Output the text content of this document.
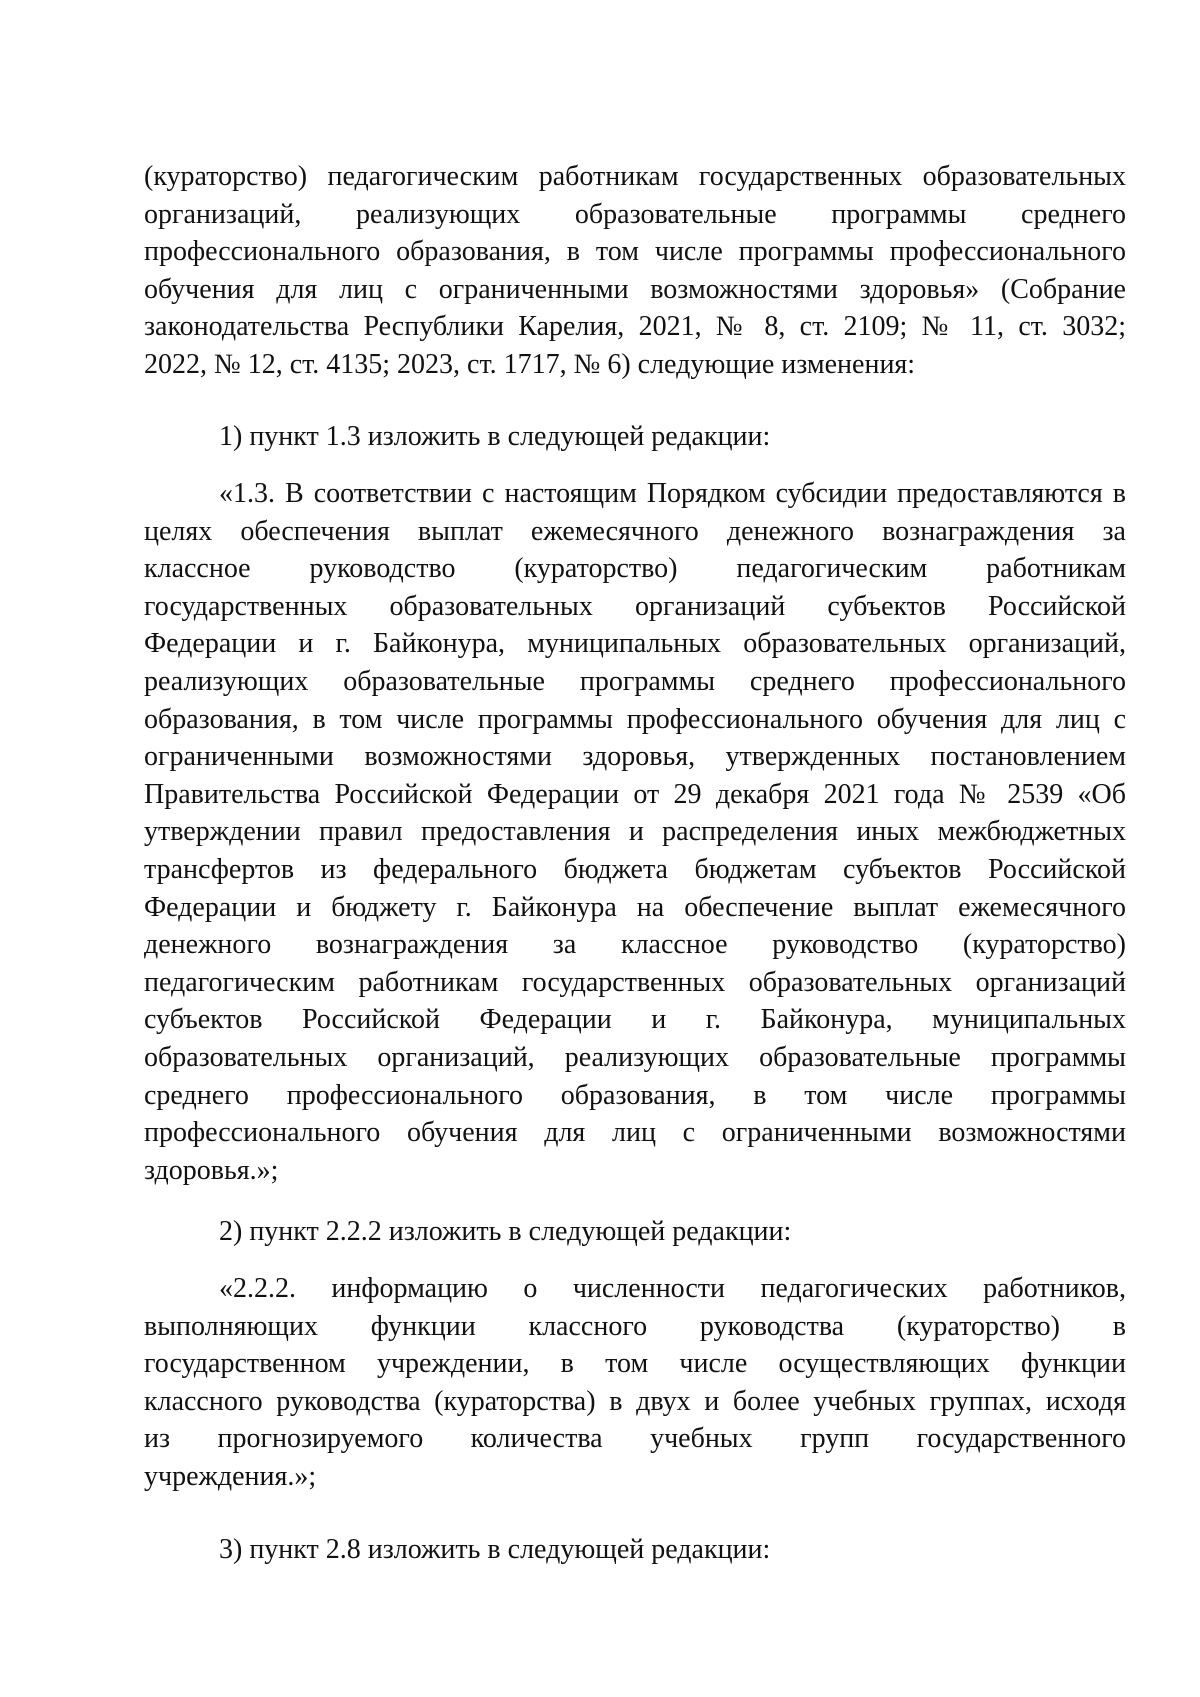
(кураторство) педагогическим работникам государственных образовательных
организаций, реализующих образовательные программы среднего
профессионального образования, в том числе программы профессионального
обучения для лиц с ограниченными возможностями здоровья» (Собрание
законодательства Республики Карелия, 2021, № 8, ст. 2109; № 11, ст. 3032;
2022, № 12, ст. 4135; 2023, ст. 1717, № 6) следующие изменения:

1) пункт 1.3 изложить в следующей редакции:

«1.3. В соответствии с настоящим Порядком субсидии предоставляются в
целях обеспечения выплат ежемесячного денежного вознаграждения за
классное руководство (кураторство) педагогическим работникам
государственных образовательных организаций субъектов Российской
Федерации и г. Байконура, муниципальных образовательных организаций,
реализующих образовательные программы среднего профессионального
образования, в том числе программы профессионального обучения для лиц с
ограниченными возможностями здоровья, утвержденных постановлением
Правительства Российской Федерации от 29 декабря 2021 года № 2539 «Об
утверждении правил предоставления и распределения иных межбюджетных
трансфертов из федерального бюджета бюджетам субъектов Российской
Федерации и бюджету г. Байконура на обеспечение выплат ежемесячного
денежного вознаграждения за классное руководство (кураторство)
педагогическим работникам государственных образовательных организаций
субъектов Российской Федерации и г. Байконура, муниципальных
образовательных организаций, реализующих образовательные программы
среднего профессионального образования, в том числе программы
профессионального обучения для лиц с ограниченными возможностями
здоровья.»;

2) пункт 2.2.2 изложить в следующей редакции:

«2.2.2. информацию о численности педагогических работников,
выполняющих функции классного руководства (кураторство) в
государственном учреждении, в том числе осуществляющих функции
классного руководства (кураторства) в двух и более учебных группах, исходя
из прогнозируемого количества учебных групп государственного
учреждения.»;

3) пункт 2.8 изложить в следующей редакции:
